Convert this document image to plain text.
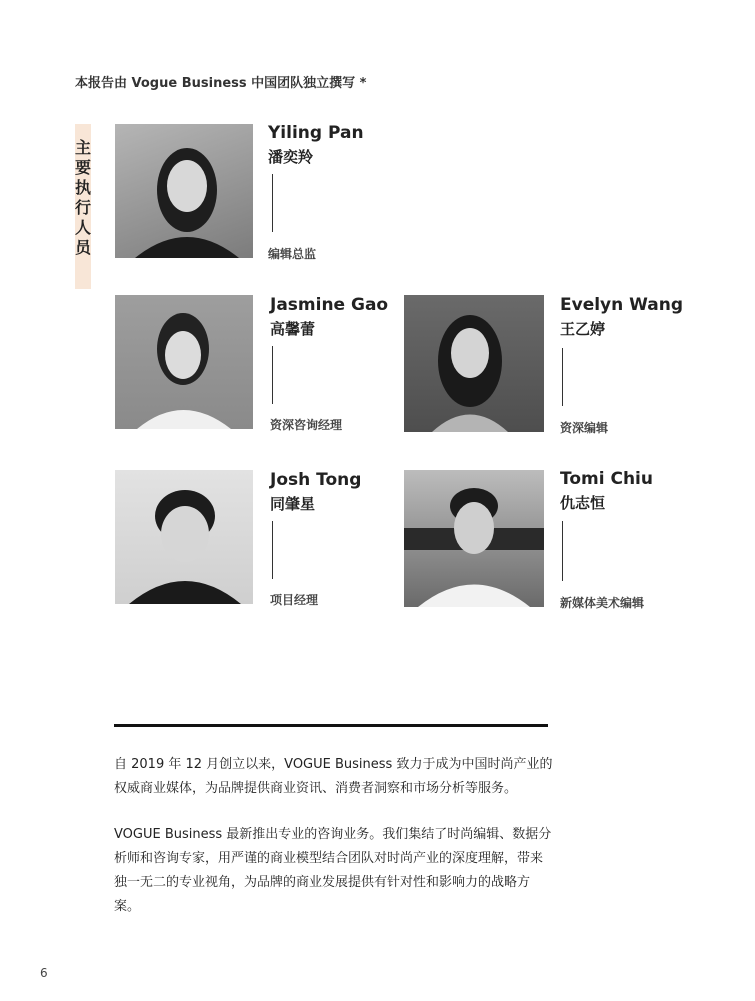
本报告由 Vogue Business 中国团队独立撰写 *
主
要
执
行
人
员
Yiling Pan
潘奕羚
编辑总监
Jasmine Gao
高馨蕾
资深咨询经理
Evelyn Wang
王乙婷
资深编辑
Josh Tong
同肇星
项目经理
Tomi Chiu
仇志恒
新媒体美术编辑
自 2019 年 12 月创立以来，VOGUE Business 致力于成为中国时尚产业的权威商业媒体，为品牌提供商业资讯、消费者洞察和市场分析等服务。
VOGUE Business 最新推出专业的咨询业务。我们集结了时尚编辑、数据分析师和咨询专家，用严谨的商业模型结合团队对时尚产业的深度理解，带来独一无二的专业视角，为品牌的商业发展提供有针对性和影响力的战略方案。
6
